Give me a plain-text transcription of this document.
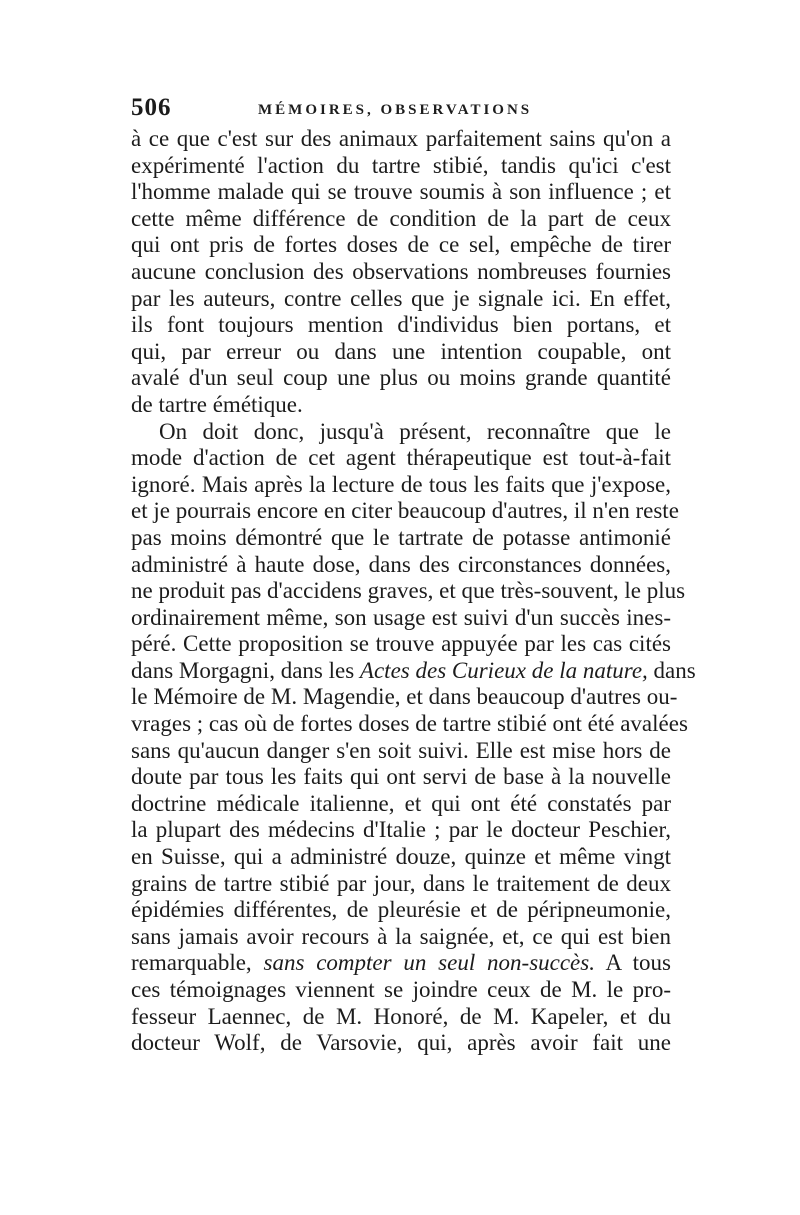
506	MÉMOIRES, OBSERVATIONS
à ce que c'est sur des animaux parfaitement sains qu'on a
expérimenté l'action du tartre stibié, tandis qu'ici c'est
l'homme malade qui se trouve soumis à son influence ; et
cette même différence de condition de la part de ceux
qui ont pris de fortes doses de ce sel, empêche de tirer
aucune conclusion des observations nombreuses fournies
par les auteurs, contre celles que je signale ici. En effet,
ils font toujours mention d'individus bien portans, et
qui, par erreur ou dans une intention coupable, ont
avalé d'un seul coup une plus ou moins grande quantité
de tartre émétique.
On doit donc, jusqu'à présent, reconnaître que le
mode d'action de cet agent thérapeutique est tout-à-fait
ignoré. Mais après la lecture de tous les faits que j'expose,
et je pourrais encore en citer beaucoup d'autres, il n'en reste
pas moins démontré que le tartrate de potasse antimonié
administré à haute dose, dans des circonstances données,
ne produit pas d'accidens graves, et que très-souvent, le plus
ordinairement même, son usage est suivi d'un succès ines-
péré. Cette proposition se trouve appuyée par les cas cités
dans Morgagni, dans les Actes des Curieux de la nature, dans
le Mémoire de M. Magendie, et dans beaucoup d'autres ou-
vrages ; cas où de fortes doses de tartre stibié ont été avalées
sans qu'aucun danger s'en soit suivi. Elle est mise hors de
doute par tous les faits qui ont servi de base à la nouvelle
doctrine médicale italienne, et qui ont été constatés par
la plupart des médecins d'Italie ; par le docteur Peschier,
en Suisse, qui a administré douze, quinze et même vingt
grains de tartre stibié par jour, dans le traitement de deux
épidémies différentes, de pleurésie et de péripneumonie,
sans jamais avoir recours à la saignée, et, ce qui est bien
remarquable, sans compter un seul non-succès. A tous
ces témoignages viennent se joindre ceux de M. le pro-
fesseur Laennec, de M. Honoré, de M. Kapeler, et du
docteur Wolf, de Varsovie, qui, après avoir fait une
